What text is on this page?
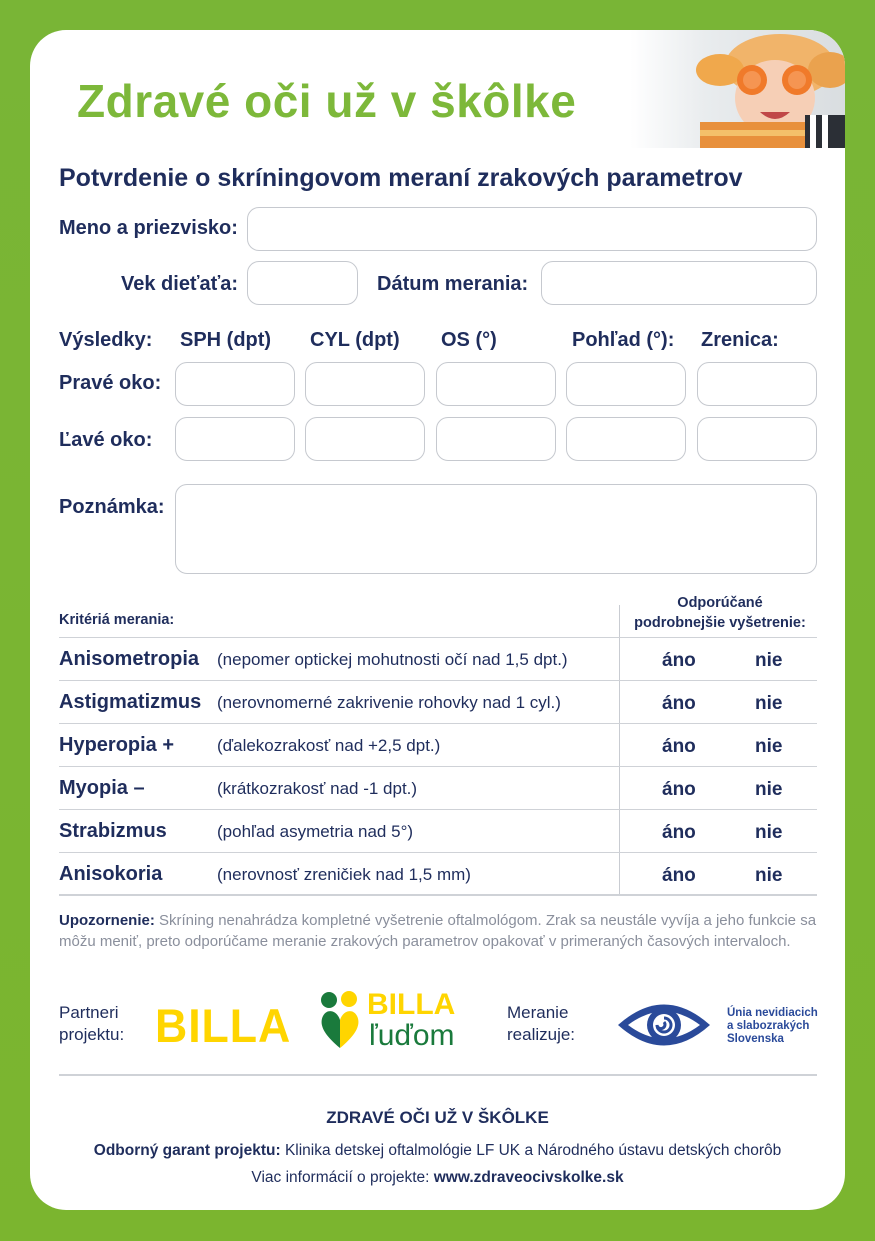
Zdravé oči už v škôlke
Potvrdenie o skríningovom meraní zrakových parametrov
Meno a priezvisko:
Vek dieťaťa:	Dátum merania:
Výsledky: SPH (dpt) CYL (dpt) OS (°)	Pohľad (°): Zrenica:
Pravé oko:
Ľavé oko:
Poznámka:
Kritériá merania:
Odporúčané
podrobnejšie vyšetrenie:
Anisometropia (nepomer optickej mohutnosti očí nad 1,5 dpt.)	áno	nie
Astigmatizmus (nerovnomerné zakrivenie rohovky nad 1 cyl.)	áno	nie
Hyperopia +	(ďalekozrakosť nad +2,5 dpt.)	áno	nie
Myopia –	(krátkozrakosť nad -1 dpt.)	áno	nie
Strabizmus	(pohľad asymetria nad 5°)	áno	nie
Anisokoria	(nerovnosť zreničiek nad 1,5 mm)	áno	nie
Upozornenie: Skríning nenahrádza kompletné vyšetrenie oftalmológom. Zrak sa neustále vyvíja a jeho funkcie sa môžu meniť, preto odporúčame meranie zrakových parametrov opakovať v primeraných časových intervaloch.
Partneri
projektu: BILLA	BILLA
ľuďom
Meranie
realizuje:
Únia nevidiacich
a slabozrakých
Slovenska
ZDRAVÉ OČI UŽ V ŠKÔLKE
Odborný garant projektu: Klinika detskej oftalmológie LF UK a Národného ústavu detských chorôb
Viac informácií o projekte: www.zdraveocivskolke.sk
